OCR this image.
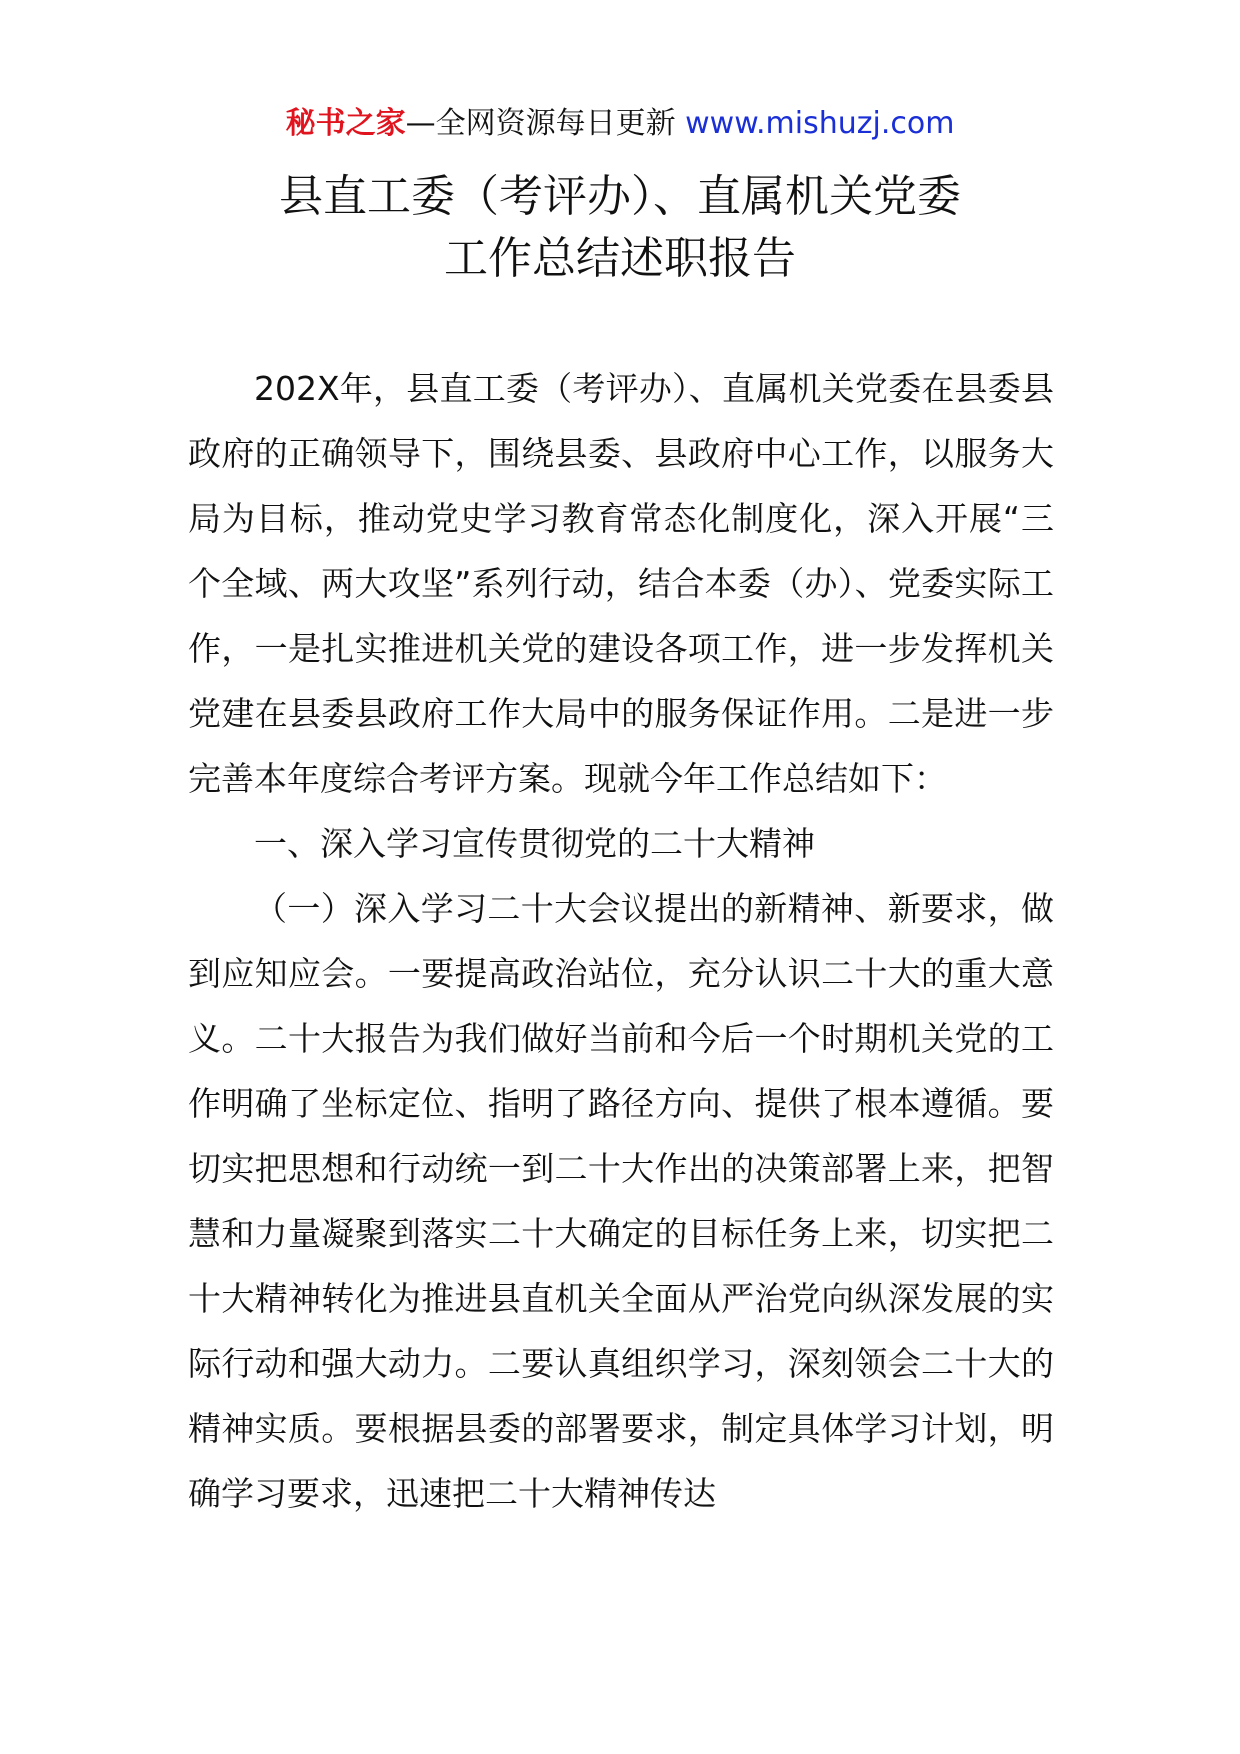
秘书之家—全网资源每日更新 www.mishuzj.com
县直工委（考评办）、直属机关党委
工作总结述职报告

202X年，县直工委（考评办）、直属机关党委在县委县政府的正确领导下，围绕县委、县政府中心工作，以服务大局为目标，推动党史学习教育常态化制度化，深入开展“三个全域、两大攻坚”系列行动，结合本委（办）、党委实际工作，一是扎实推进机关党的建设各项工作，进一步发挥机关党建在县委县政府工作大局中的服务保证作用。二是进一步完善本年度综合考评方案。现就今年工作总结如下：

一、深入学习宣传贯彻党的二十大精神

（一）深入学习二十大会议提出的新精神、新要求，做到应知应会。一要提高政治站位，充分认识二十大的重大意义。二十大报告为我们做好当前和今后一个时期机关党的工作明确了坐标定位、指明了路径方向、提供了根本遵循。要切实把思想和行动统一到二十大作出的决策部署上来，把智慧和力量凝聚到落实二十大确定的目标任务上来，切实把二十大精神转化为推进县直机关全面从严治党向纵深发展的实际行动和强大动力。二要认真组织学习，深刻领会二十大的精神实质。要根据县委的部署要求，制定具体学习计划，明确学习要求，迅速把二十大精神传达
